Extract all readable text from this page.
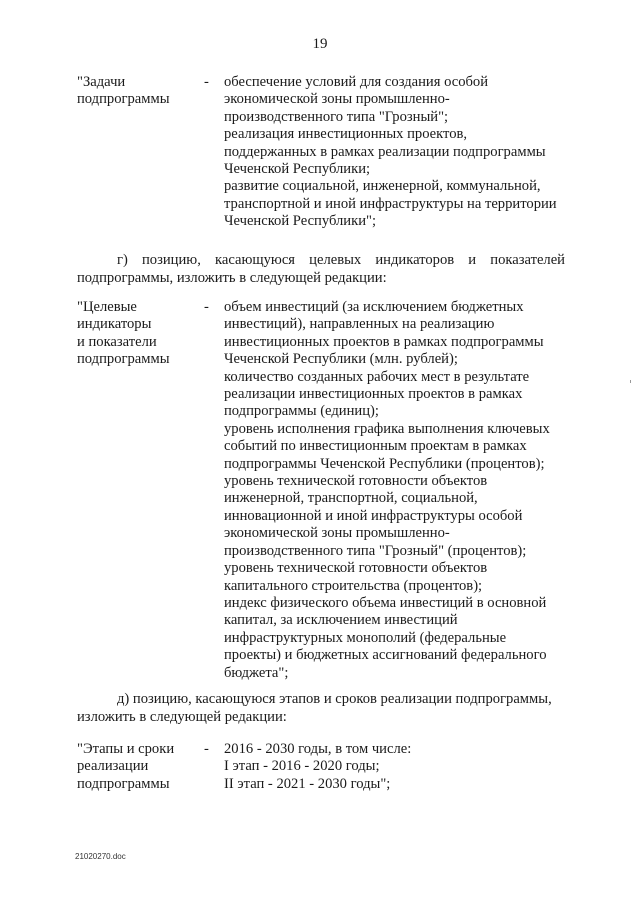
19
"Задачи
подпрограммы
-	обеспечение условий для создания особой
экономической зоны промышленно-
производственного типа "Грозный";
реализация инвестиционных проектов,
поддержанных в рамках реализации подпрограммы
Чеченской Республики;
развитие социальной, инженерной, коммунальной,
транспортной и иной инфраструктуры на территории
Чеченской Республики";
г) позицию, касающуюся целевых индикаторов и показателей
подпрограммы, изложить в следующей редакции:
"Целевые
индикаторы
и показатели
подпрограммы
-	объем инвестиций (за исключением бюджетных
инвестиций), направленных на реализацию
инвестиционных проектов в рамках подпрограммы
Чеченской Республики (млн. рублей);
количество созданных рабочих мест в результате
реализации инвестиционных проектов в рамках
подпрограммы (единиц);
уровень исполнения графика выполнения ключевых
событий по инвестиционным проектам в рамках
подпрограммы Чеченской Республики (процентов);
уровень технической готовности объектов
инженерной, транспортной, социальной,
инновационной и иной инфраструктуры особой
экономической зоны промышленно-
производственного типа "Грозный" (процентов);
уровень технической готовности объектов
капитального строительства (процентов);
индекс физического объема инвестиций в основной
капитал, за исключением инвестиций
инфраструктурных монополий (федеральные
проекты) и бюджетных ассигнований федерального
бюджета";
д) позицию, касающуюся этапов и сроков реализации подпрограммы,
изложить в следующей редакции:
"Этапы и сроки
реализации
подпрограммы
-	2016 - 2030 годы, в том числе:
I этап - 2016 - 2020 годы;
II этап - 2021 - 2030 годы";
21020270.doc
